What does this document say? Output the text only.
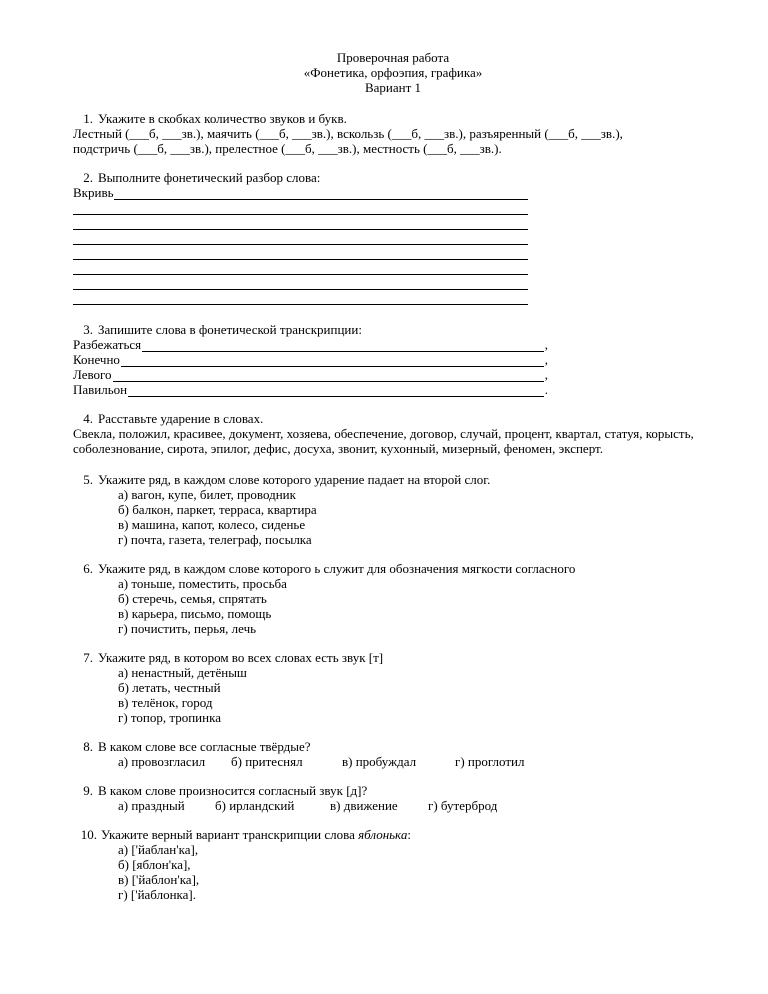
Проверочная работа
«Фонетика, орфоэпия, графика»
Вариант 1
1. Укажите в скобках количество звуков и букв.
Лестный (___б, ___зв.), маячить (___б, ___зв.), вскользь (___б, ___зв.), разъяренный (___б, ___зв.),
подстричь (___б, ___зв.), прелестное (___б, ___зв.), местность (___б, ___зв.).
2. Выполните фонетический разбор слова:
Вкривь
3. Запишите слова в фонетической транскрипции:
Разбежаться	,
Конечно	,
Левого	,
Павильон	.
4. Расставьте ударение в словах.
Свекла, положил, красивее, документ, хозяева, обеспечение, договор, случай, процент, квартал, статуя, корысть, соболезнование, сирота, эпилог, дефис, досуха, звонит, кухонный, мизерный, феномен, эксперт.
5. Укажите ряд, в каждом слове которого ударение падает на второй слог.
а) вагон, купе, билет, проводник
б) балкон, паркет, терраса, квартира
в) машина, капот, колесо, сиденье
г) почта, газета, телеграф, посылка
6. Укажите ряд, в каждом слове которого ь служит для обозначения мягкости согласного
а) тоньше, поместить, просьба
б) стеречь, семья, спрятать
в) карьера, письмо, помощь
г) почистить, перья, лечь
7. Укажите ряд, в котором во всех словах есть звук [т]
а) ненастный, детёныш
б) летать, честный
в) телёнок, город
г) топор, тропинка
8. В каком слове все согласные твёрдые?
а) провозгласил б) притеснял	в) пробуждал	г) проглотил
9. В каком слове произносится согласный звук [д]?
а) праздный б) ирландский	в) движение г) бутерброд
10. Укажите верный вариант транскрипции слова яблонька:
а) ['йаблан'ка],
б) [яблон'ка],
в) ['йаблон'ка],
г) ['йаблонка].
